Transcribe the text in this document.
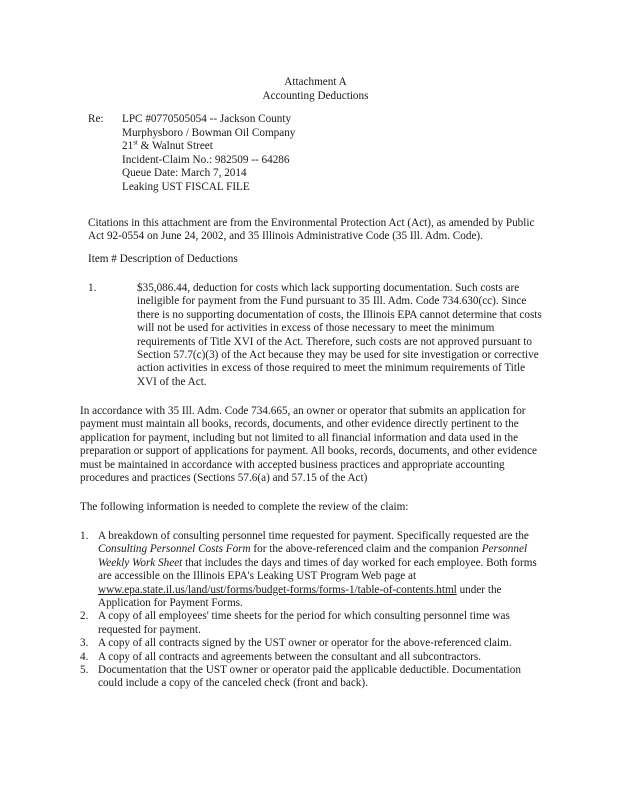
Attachment A
Accounting Deductions
Re: LPC #0770505054 -- Jackson County
Murphysboro / Bowman Oil Company
21st & Walnut Street
Incident-Claim No.: 982509 -- 64286
Queue Date: March 7, 2014
Leaking UST FISCAL FILE
Citations in this attachment are from the Environmental Protection Act (Act), as amended by Public Act 92-0554 on June 24, 2002, and 35 Illinois Administrative Code (35 Ill. Adm. Code).
Item # Description of Deductions
1.	$35,086.44, deduction for costs which lack supporting documentation. Such costs are ineligible for payment from the Fund pursuant to 35 Ill. Adm. Code 734.630(cc). Since there is no supporting documentation of costs, the Illinois EPA cannot determine that costs will not be used for activities in excess of those necessary to meet the minimum requirements of Title XVI of the Act. Therefore, such costs are not approved pursuant to Section 57.7(c)(3) of the Act because they may be used for site investigation or corrective action activities in excess of those required to meet the minimum requirements of Title XVI of the Act.
In accordance with 35 Ill. Adm. Code 734.665, an owner or operator that submits an application for payment must maintain all books, records, documents, and other evidence directly pertinent to the application for payment, including but not limited to all financial information and data used in the preparation or support of applications for payment. All books, records, documents, and other evidence must be maintained in accordance with accepted business practices and appropriate accounting procedures and practices (Sections 57.6(a) and 57.15 of the Act)
The following information is needed to complete the review of the claim:
1. A breakdown of consulting personnel time requested for payment. Specifically requested are the Consulting Personnel Costs Form for the above-referenced claim and the companion Personnel Weekly Work Sheet that includes the days and times of day worked for each employee. Both forms are accessible on the Illinois EPA's Leaking UST Program Web page at www.epa.state.il.us/land/ust/forms/budget-forms/forms-1/table-of-contents.html under the Application for Payment Forms.
2. A copy of all employees' time sheets for the period for which consulting personnel time was requested for payment.
3. A copy of all contracts signed by the UST owner or operator for the above-referenced claim.
4. A copy of all contracts and agreements between the consultant and all subcontractors.
5. Documentation that the UST owner or operator paid the applicable deductible. Documentation could include a copy of the canceled check (front and back).
